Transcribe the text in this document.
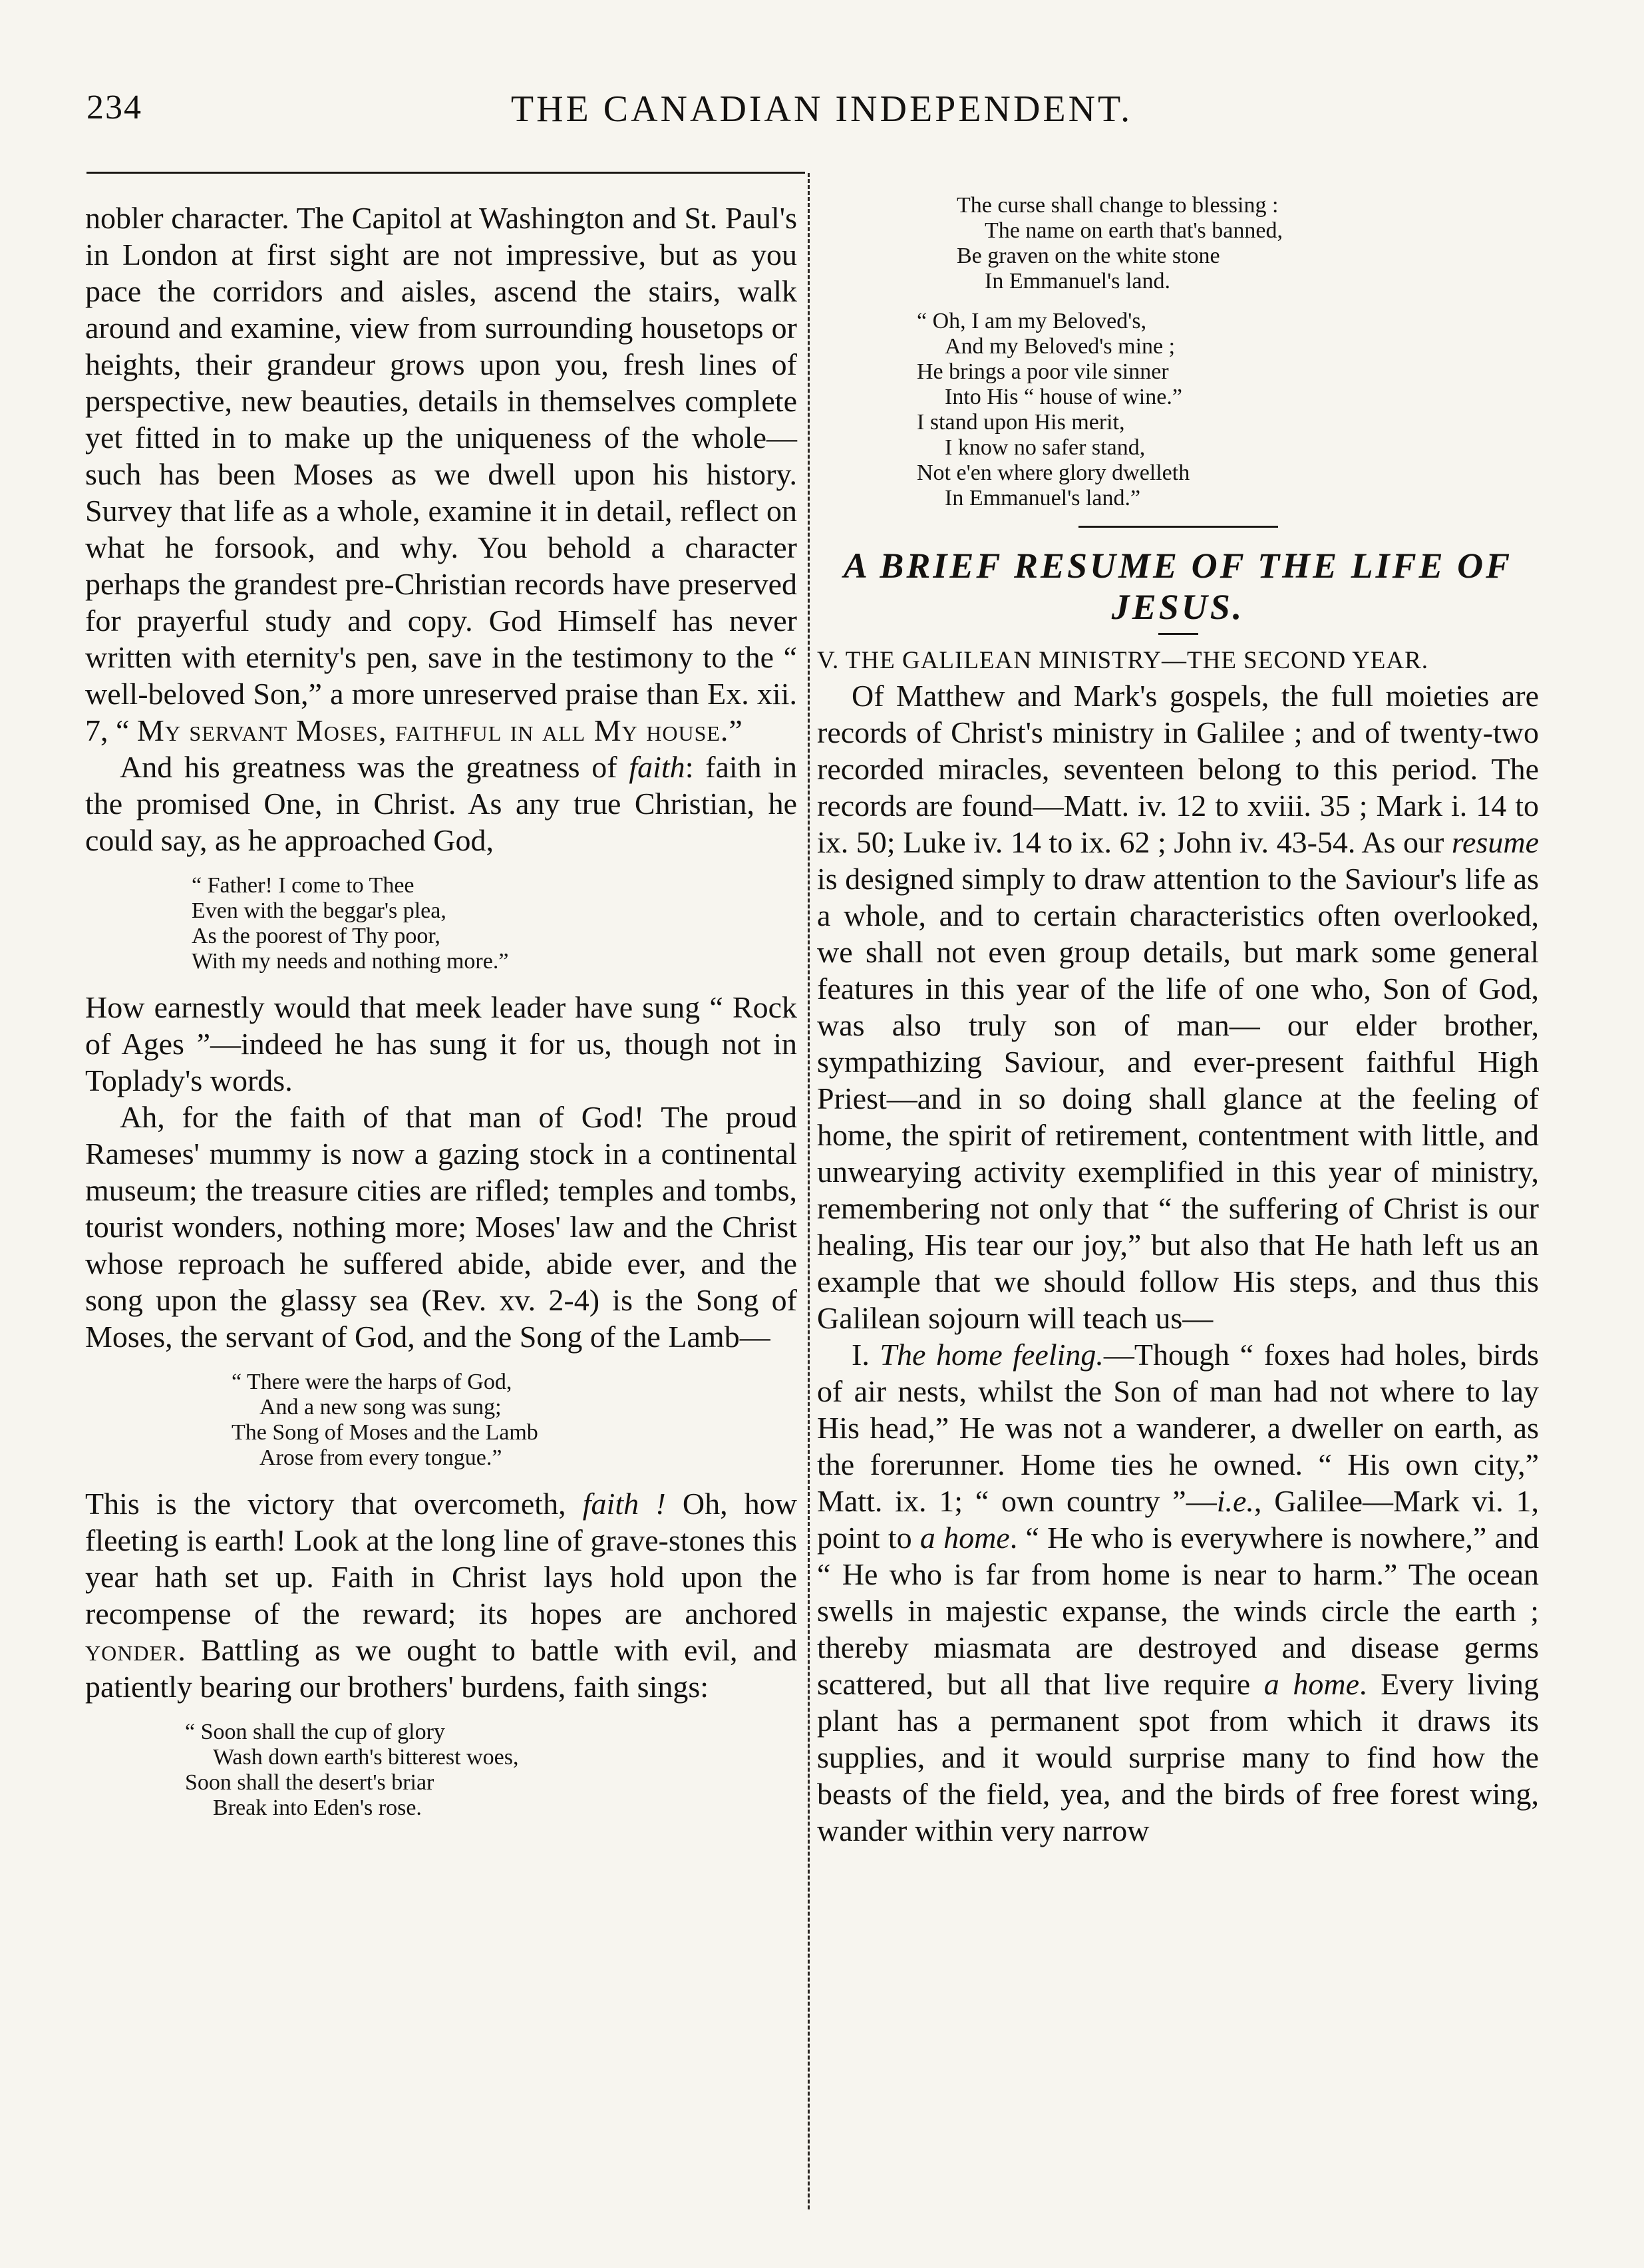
234	THE CANADIAN INDEPENDENT.

nobler character. The Capitol at Washington and St. Paul's in London at first sight are not impressive, but as you pace the corridors and aisles, ascend the stairs, walk around and examine, view from surrounding housetops or heights, their grandeur grows upon you, fresh lines of perspective, new beauties, details in themselves complete yet fitted in to make up the uniqueness of the whole—such has been Moses as we dwell upon his history. Survey that life as a whole, examine it in detail, reflect on what he forsook, and why. You behold a character perhaps the grandest pre-Christian records have preserved for prayerful study and copy. God Himself has never written with eternity's pen, save in the testimony to the “ well-beloved Son,” a more unreserved praise than Ex. xii. 7, “ My servant Moses, faithful in all My house.”

And his greatness was the greatness of faith: faith in the promised One, in Christ. As any true Christian, he could say, as he approached God,

“ Father! I come to Thee
Even with the beggar's plea,
As the poorest of Thy poor,
With my needs and nothing more.”

How earnestly would that meek leader have sung “ Rock of Ages ”—indeed he has sung it for us, though not in Toplady's words.

Ah, for the faith of that man of God! The proud Rameses' mummy is now a gazing stock in a continental museum; the treasure cities are rifled; temples and tombs, tourist wonders, nothing more; Moses' law and the Christ whose reproach he suffered abide, abide ever, and the song upon the glassy sea (Rev. xv. 2-4) is the Song of Moses, the servant of God, and the Song of the Lamb—

“ There were the harps of God,
And a new song was sung;
The Song of Moses and the Lamb
Arose from every tongue.”

This is the victory that overcometh, faith ! Oh, how fleeting is earth! Look at the long line of grave-stones this year hath set up. Faith in Christ lays hold upon the recompense of the reward; its hopes are anchored yonder. Battling as we ought to battle with evil, and patiently bearing our brothers' burdens, faith sings:

“ Soon shall the cup of glory
Wash down earth's bitterest woes,
Soon shall the desert's briar
Break into Eden's rose.
The curse shall change to blessing :
The name on earth that's banned,
Be graven on the white stone
In Emmanuel's land.
“ Oh, I am my Beloved's,
And my Beloved's mine ;
He brings a poor vile sinner
Into His “ house of wine.”
I stand upon His merit,
I know no safer stand,
Not e'en where glory dwelleth
In Emmanuel's land.”
A BRIEF RESUME OF THE LIFE OF JESUS.

V. THE GALILEAN MINISTRY—THE SECOND YEAR.

Of Matthew and Mark's gospels, the full moieties are records of Christ's ministry in Galilee ; and of twenty-two recorded miracles, seventeen belong to this period. The records are found—Matt. iv. 12 to xviii. 35 ; Mark i. 14 to ix. 50; Luke iv. 14 to ix. 62 ; John iv. 43-54. As our resume is designed simply to draw attention to the Saviour's life as a whole, and to certain characteristics often overlooked, we shall not even group details, but mark some general features in this year of the life of one who, Son of God, was also truly son of man— our elder brother, sympathizing Saviour, and ever-present faithful High Priest—and in so doing shall glance at the feeling of home, the spirit of retirement, contentment with little, and unwearying activity exemplified in this year of ministry, remembering not only that “ the suffering of Christ is our healing, His tear our joy,” but also that He hath left us an example that we should follow His steps, and thus this Galilean sojourn will teach us—

I. The home feeling.—Though “ foxes had holes, birds of air nests, whilst the Son of man had not where to lay His head,” He was not a wanderer, a dweller on earth, as the forerunner. Home ties he owned. “ His own city,” Matt. ix. 1; “ own country ”—i.e., Galilee—Mark vi. 1, point to a home. “ He who is everywhere is nowhere,” and “ He who is far from home is near to harm.” The ocean swells in majestic expanse, the winds circle the earth ; thereby miasmata are destroyed and disease germs scattered, but all that live require a home. Every living plant has a permanent spot from which it draws its supplies, and it would surprise many to find how the beasts of the field, yea, and the birds of free forest wing, wander within very narrow
